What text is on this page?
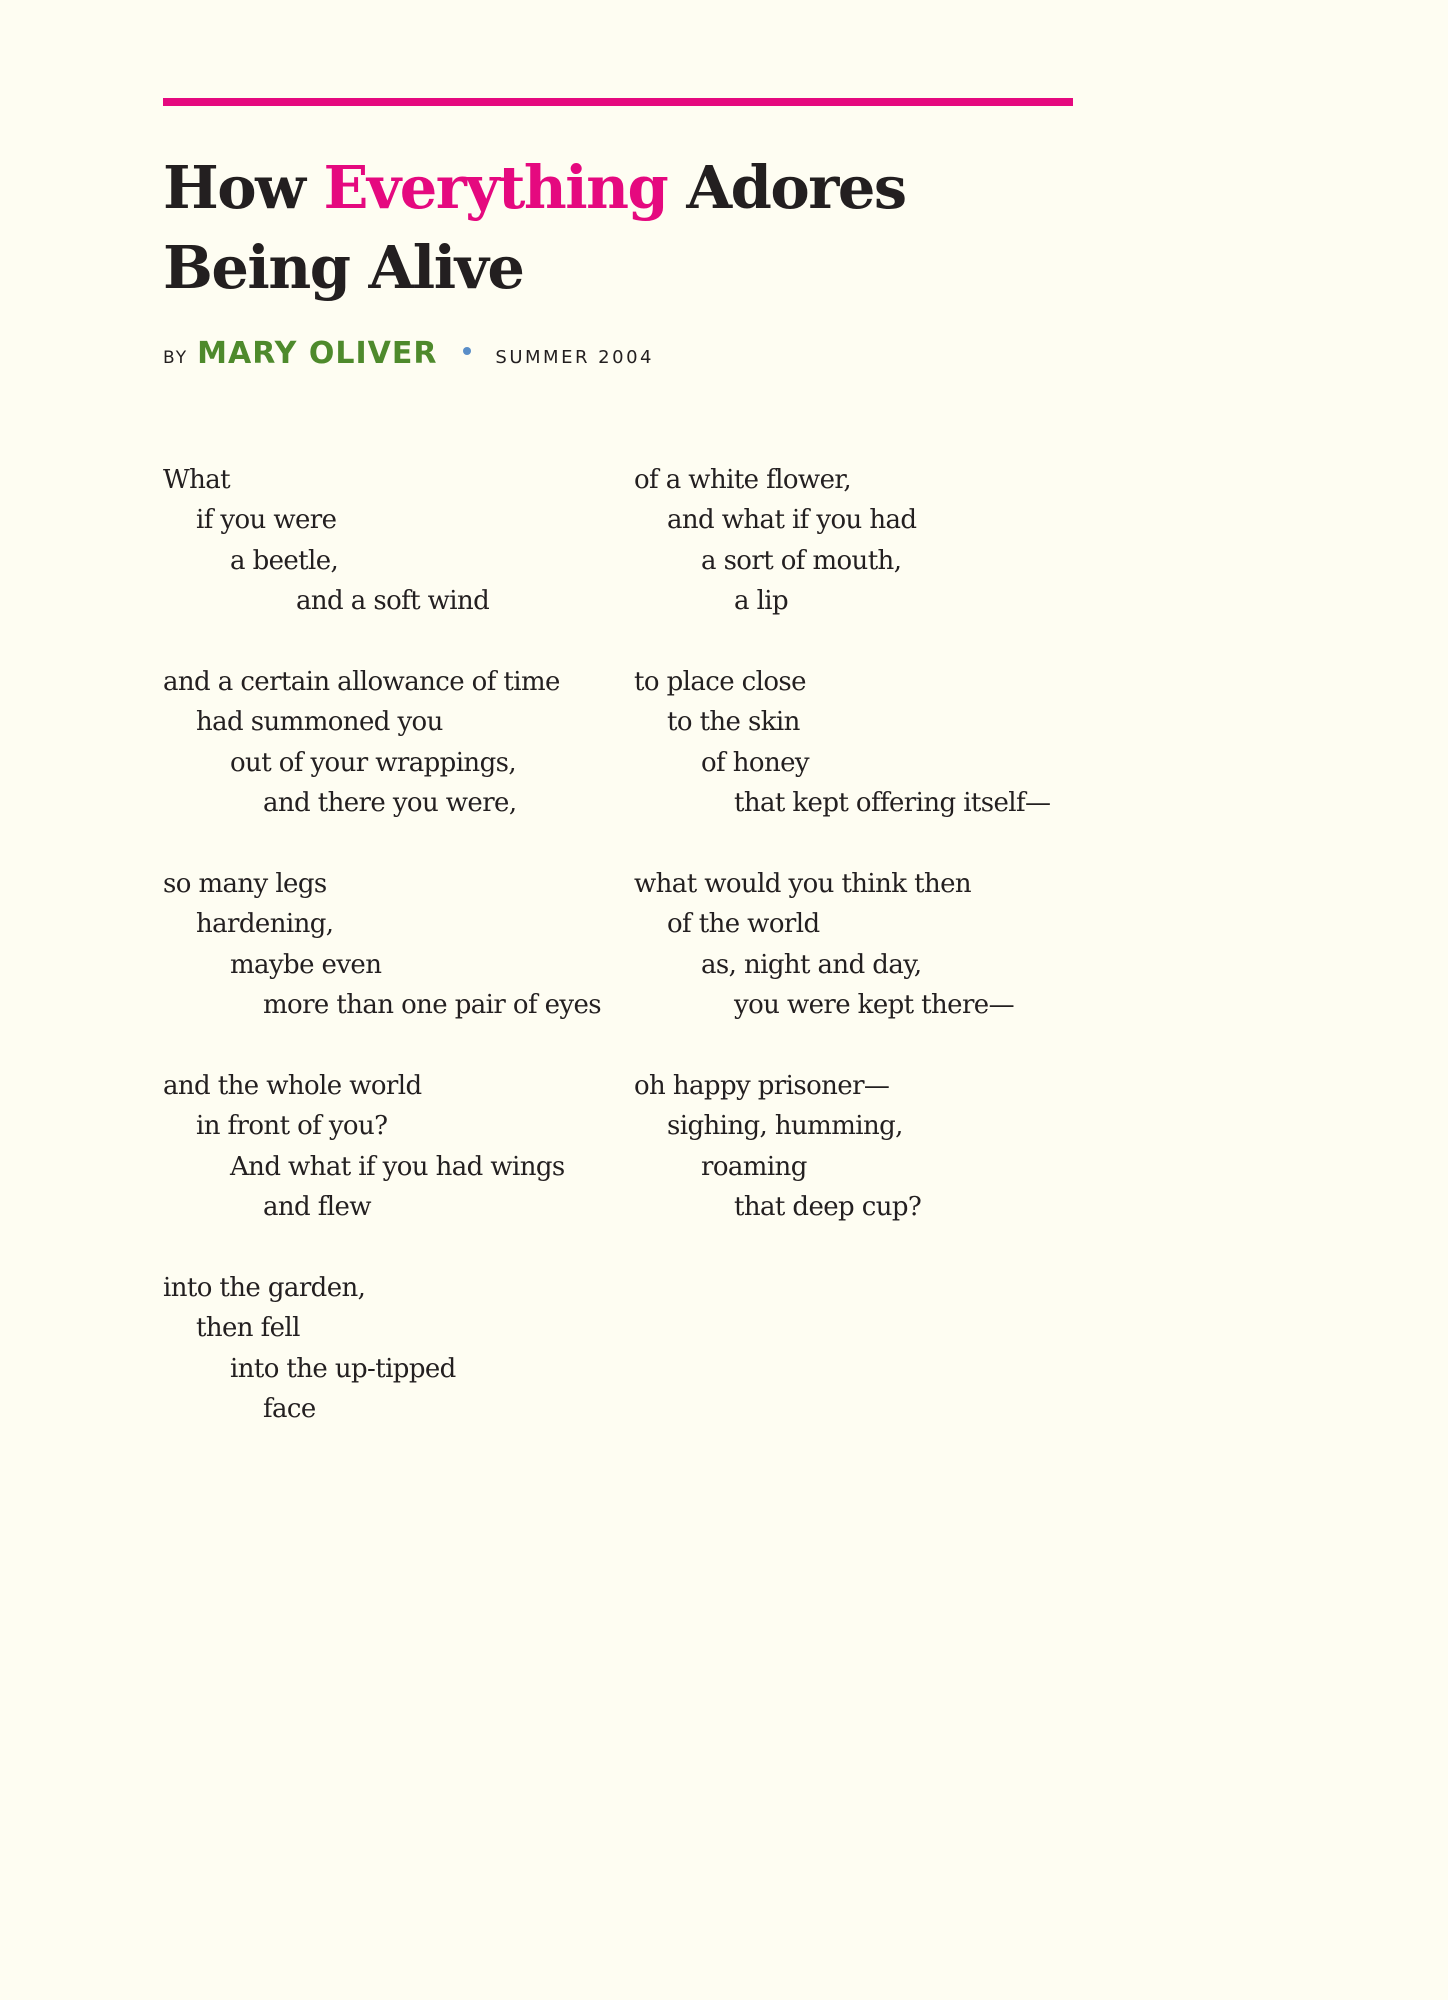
How Everything Adores
Being Alive
BY MARY OLIVER	SUMMER 2004
What
if you were
a beetle,
and a soft wind
and a certain allowance of time
had summoned you
out of your wrappings,
and there you were,
so many legs
hardening,
maybe even
more than one pair of eyes
and the whole world
in front of you?
And what if you had wings
and flew
into the garden,
then fell
into the up-tipped
face
of a white flower,
and what if you had
a sort of mouth,
a lip
to place close
to the skin
of honey
that kept offering itself—
what would you think then
of the world
as, night and day,
you were kept there—
oh happy prisoner—
sighing, humming,
roaming
that deep cup?
